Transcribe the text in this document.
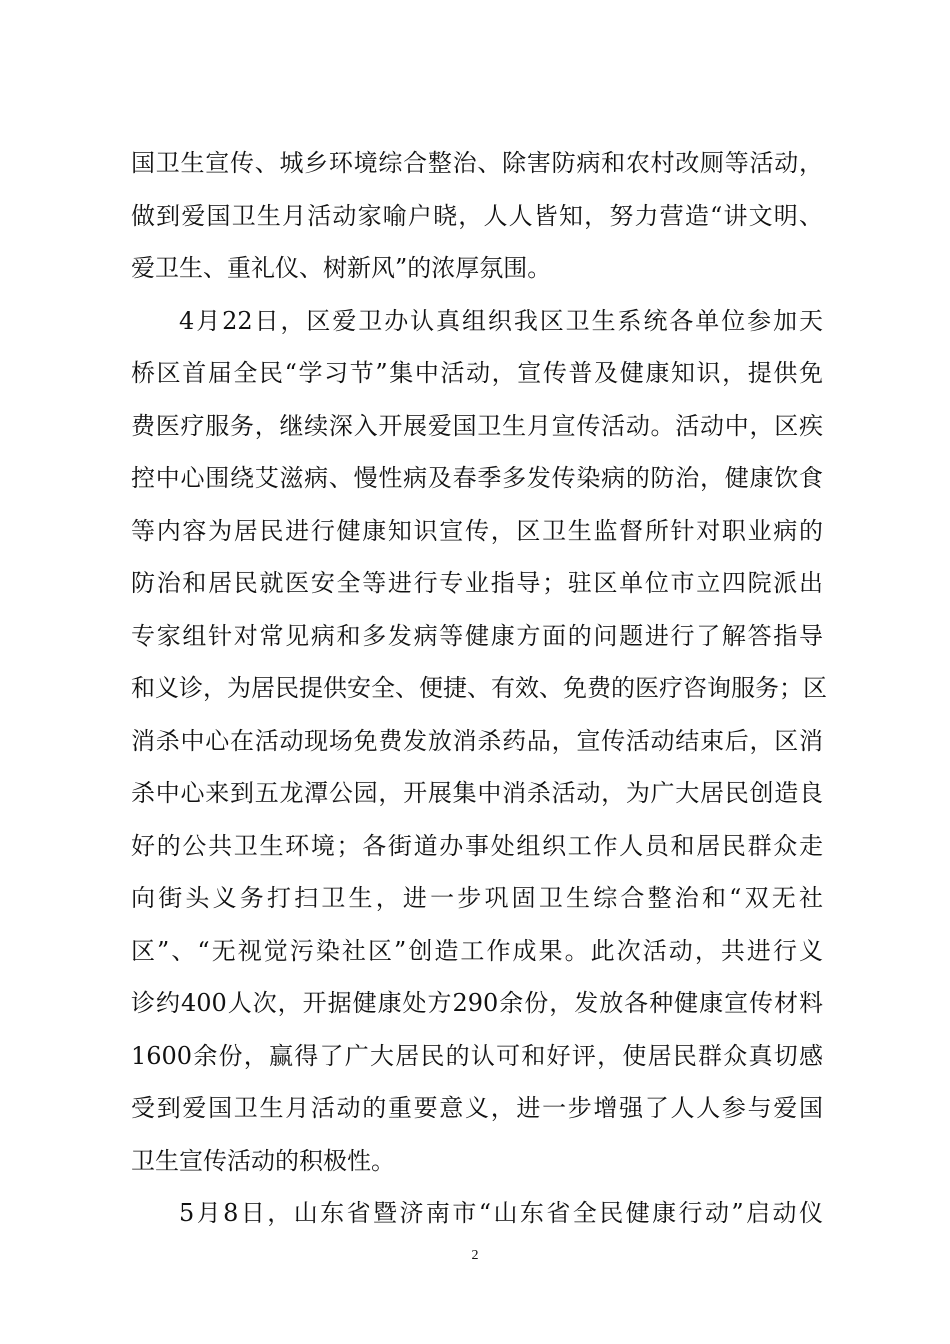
国卫生宣传、城乡环境综合整治、除害防病和农村改厕等活动，
做到爱国卫生月活动家喻户晓，人人皆知，努力营造“讲文明、
爱卫生、重礼仪、树新风”的浓厚氛围。
4月22日，区爱卫办认真组织我区卫生系统各单位参加天
桥区首届全民“学习节”集中活动，宣传普及健康知识，提供免
费医疗服务，继续深入开展爱国卫生月宣传活动。活动中，区疾
控中心围绕艾滋病、慢性病及春季多发传染病的防治，健康饮食
等内容为居民进行健康知识宣传，区卫生监督所针对职业病的
防治和居民就医安全等进行专业指导；驻区单位市立四院派出
专家组针对常见病和多发病等健康方面的问题进行了解答指导
和义诊，为居民提供安全、便捷、有效、免费的医疗咨询服务；区
消杀中心在活动现场免费发放消杀药品，宣传活动结束后，区消
杀中心来到五龙潭公园，开展集中消杀活动，为广大居民创造良
好的公共卫生环境；各街道办事处组织工作人员和居民群众走
向街头义务打扫卫生，进一步巩固卫生综合整治和“双无社
区”、“无视觉污染社区”创造工作成果。此次活动，共进行义
诊约400人次，开据健康处方290余份，发放各种健康宣传材料
1600余份，赢得了广大居民的认可和好评，使居民群众真切感
受到爱国卫生月活动的重要意义，进一步增强了人人参与爱国
卫生宣传活动的积极性。
5月8日，山东省暨济南市“山东省全民健康行动”启动仪
2
